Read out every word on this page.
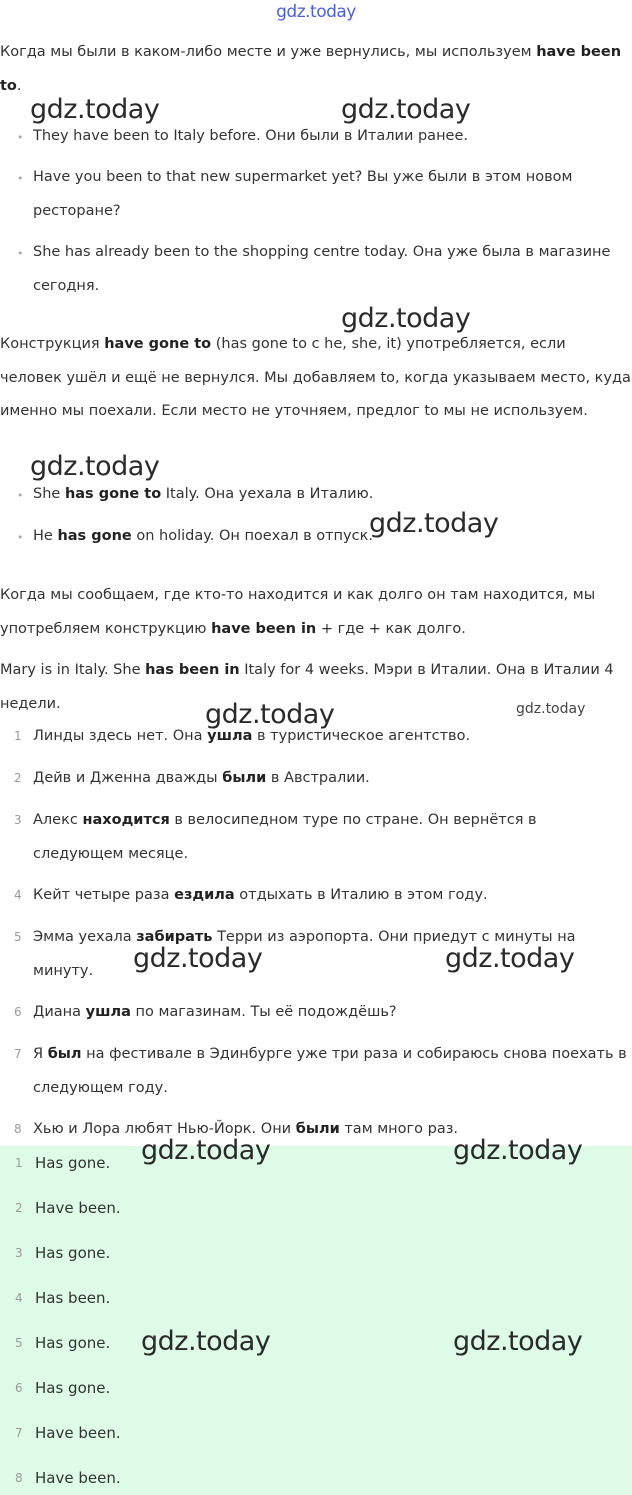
gdz.today

Когда мы были в каком-либо месте и уже вернулись, мы используем have been to.

• They have been to Italy before. Они были в Италии ранее.
• Have you been to that new supermarket yet? Вы уже были в этом новом ресторане?
• She has already been to the shopping centre today. Она уже была в магазине сегодня.

Конструкция have gone to (has gone to с he, she, it) употребляется, если человек ушёл и ещё не вернулся. Мы добавляем to, когда указываем место, куда именно мы поехали. Если место не уточняем, предлог to мы не используем.

• She has gone to Italy. Она уехала в Италию.
• He has gone on holiday. Он поехал в отпуск.

Когда мы сообщаем, где кто-то находится и как долго он там находится, мы употребляем конструкцию have been in + где + как долго.

Mary is in Italy. She has been in Italy for 4 weeks. Мэри в Италии. Она в Италии 4 недели.

1 Линды здесь нет. Она ушла в туристическое агентство.
2 Дейв и Дженна дважды были в Австралии.
3 Алекс находится в велосипедном туре по стране. Он вернётся в следующем месяце.
4 Кейт четыре раза ездила отдыхать в Италию в этом году.
5 Эмма уехала забирать Терри из аэропорта. Они приедут с минуты на минуту.
6 Диана ушла по магазинам. Ты её подождёшь?
7 Я был на фестивале в Эдинбурге уже три раза и собираюсь снова поехать в следующем году.
8 Хью и Лора любят Нью-Йорк. Они были там много раз.
1 Has gone.
2 Have been.
3 Has gone.
4 Has been.
5 Has gone.
6 Has gone.
7 Have been.
8 Have been.
gdz.today	gdz.today
gdz.today
gdz.today
gdz.today
gdz.today	gdz.today
gdz.today	gdz.today
gdz.today	gdz.today
gdz.today	gdz.today
